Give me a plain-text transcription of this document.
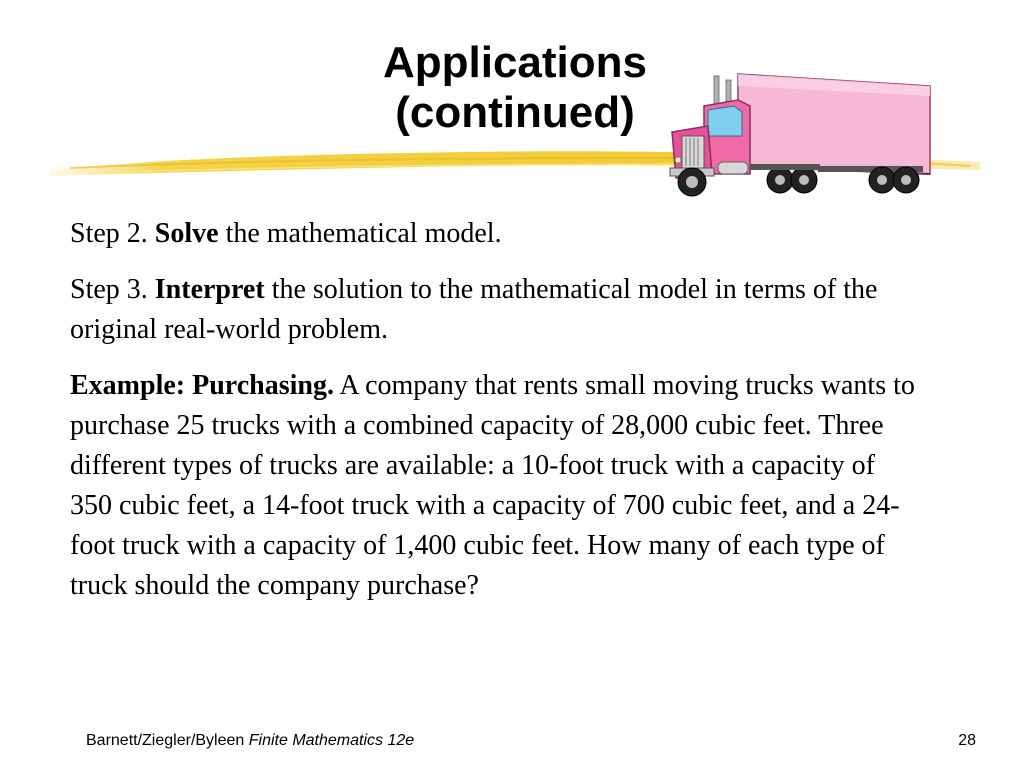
Applications
(continued)

Step 2. Solve the mathematical model.

Step 3. Interpret the solution to the mathematical model in terms of the original real-world problem.

Example: Purchasing. A company that rents small moving trucks wants to purchase 25 trucks with a combined capacity of 28,000 cubic feet. Three different types of trucks are available: a 10-foot truck with a capacity of 350 cubic feet, a 14-foot truck with a capacity of 700 cubic feet, and a 24-foot truck with a capacity of 1,400 cubic feet. How many of each type of truck should the company purchase?

Barnett/Ziegler/Byleen Finite Mathematics 12e	28
